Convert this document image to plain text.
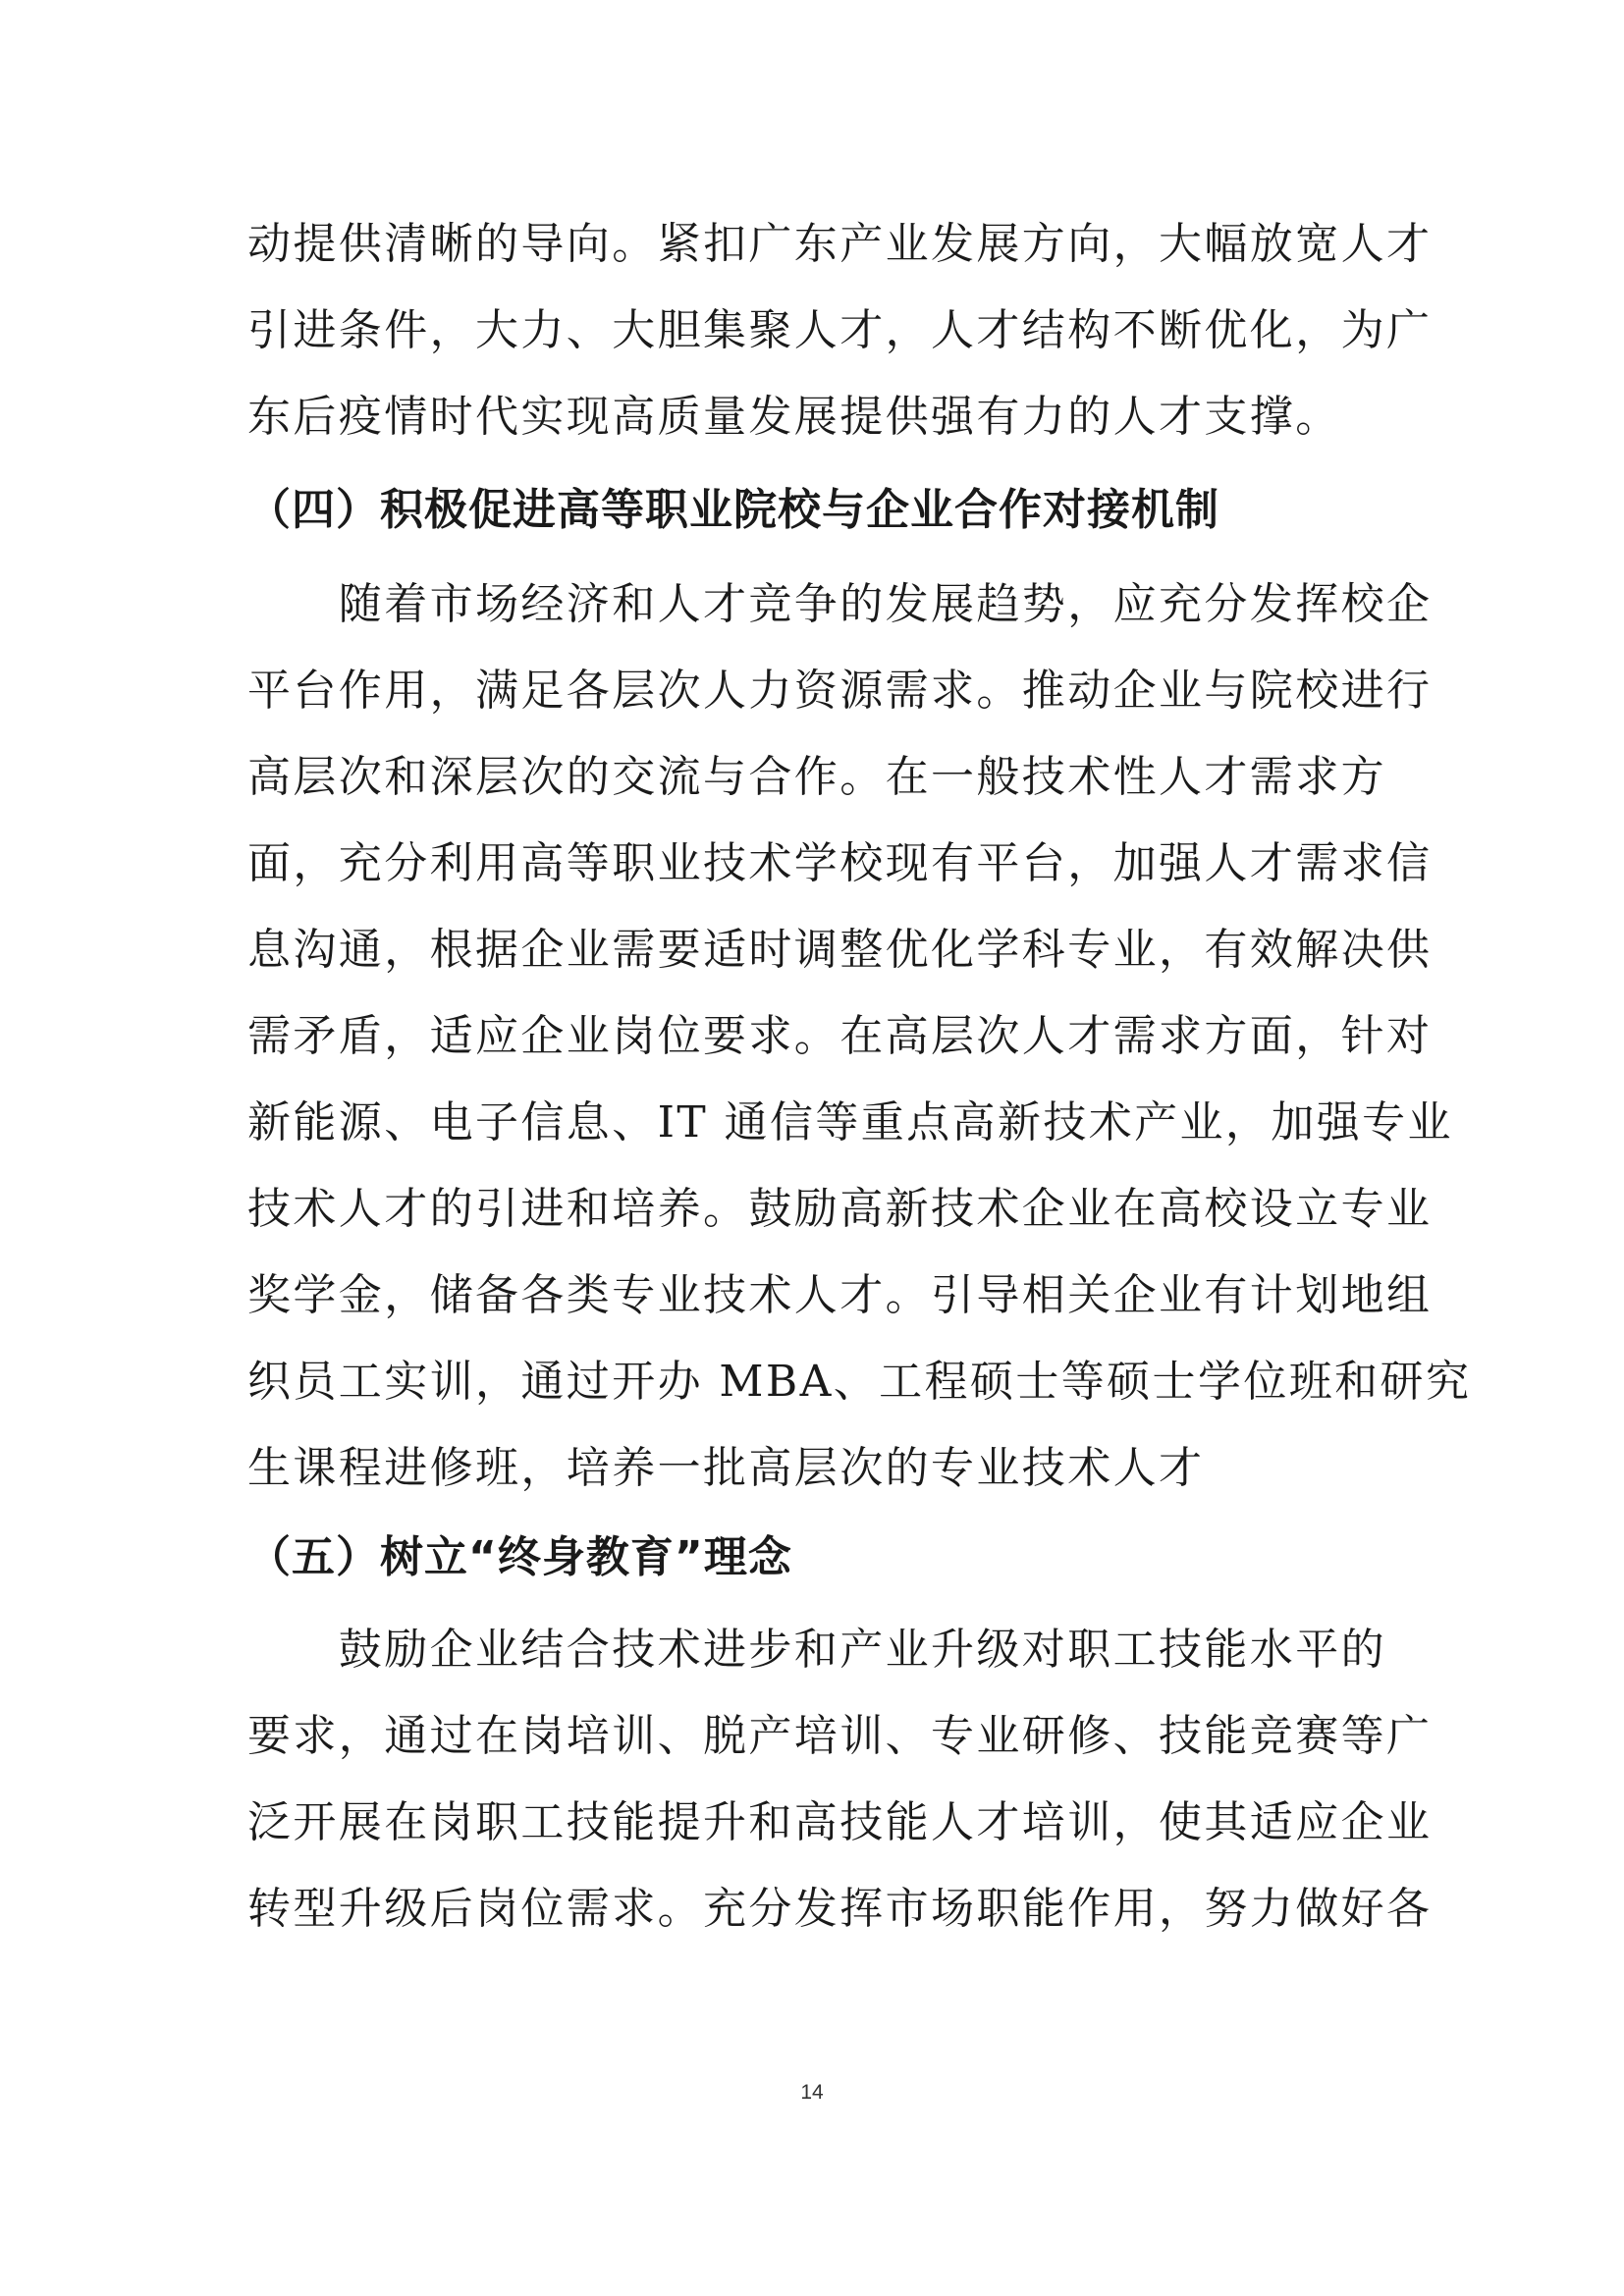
动提供清晰的导向。紧扣广东产业发展方向，大幅放宽人才
引进条件，大力、大胆集聚人才，人才结构不断优化，为广
东后疫情时代实现高质量发展提供强有力的人才支撑。

（四）积极促进高等职业院校与企业合作对接机制

　　随着市场经济和人才竞争的发展趋势，应充分发挥校企
平台作用，满足各层次人力资源需求。推动企业与院校进行
高层次和深层次的交流与合作。在一般技术性人才需求方
面，充分利用高等职业技术学校现有平台，加强人才需求信
息沟通，根据企业需要适时调整优化学科专业，有效解决供
需矛盾，适应企业岗位要求。在高层次人才需求方面，针对
新能源、电子信息、IT 通信等重点高新技术产业，加强专业
技术人才的引进和培养。鼓励高新技术企业在高校设立专业
奖学金，储备各类专业技术人才。引导相关企业有计划地组
织员工实训，通过开办 MBA、工程硕士等硕士学位班和研究
生课程进修班，培养一批高层次的专业技术人才

（五）树立“终身教育”理念

　　鼓励企业结合技术进步和产业升级对职工技能水平的
要求，通过在岗培训、脱产培训、专业研修、技能竞赛等广
泛开展在岗职工技能提升和高技能人才培训，使其适应企业
转型升级后岗位需求。充分发挥市场职能作用，努力做好各

14
